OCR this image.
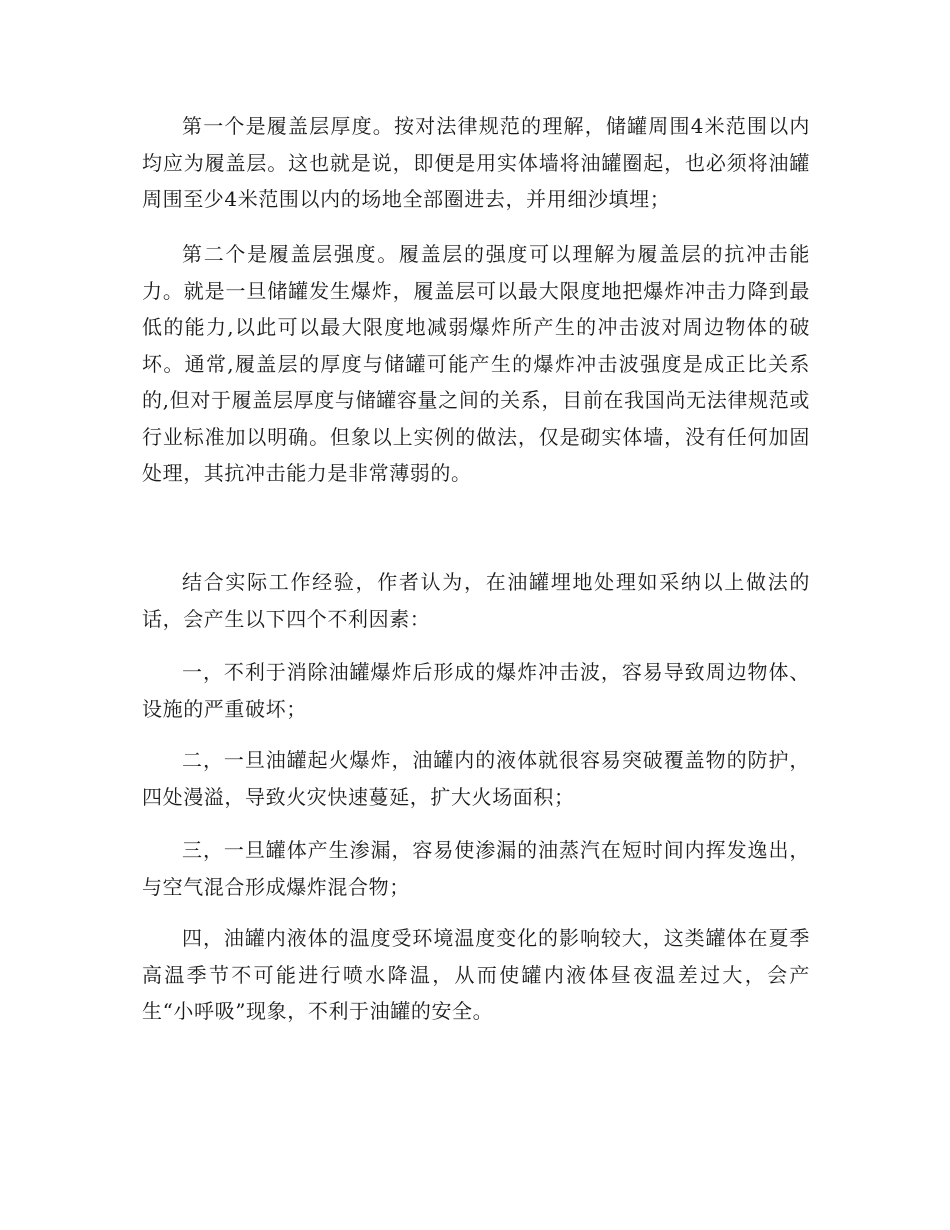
第一个是履盖层厚度。按对法律规范的理解，储罐周围4米范围以内均应为履盖层。这也就是说，即便是用实体墙将油罐圈起，也必须将油罐周围至少4米范围以内的场地全部圈进去，并用细沙填埋；

第二个是履盖层强度。履盖层的强度可以理解为履盖层的抗冲击能力。就是一旦储罐发生爆炸，履盖层可以最大限度地把爆炸冲击力降到最低的能力,以此可以最大限度地减弱爆炸所产生的冲击波对周边物体的破坏。通常,履盖层的厚度与储罐可能产生的爆炸冲击波强度是成正比关系的,但对于履盖层厚度与储罐容量之间的关系，目前在我国尚无法律规范或行业标准加以明确。但象以上实例的做法，仅是砌实体墙，没有任何加固处理，其抗冲击能力是非常薄弱的。

结合实际工作经验，作者认为，在油罐埋地处理如采纳以上做法的话，会产生以下四个不利因素：

一，不利于消除油罐爆炸后形成的爆炸冲击波，容易导致周边物体、设施的严重破坏；

二，一旦油罐起火爆炸，油罐内的液体就很容易突破覆盖物的防护，四处漫溢，导致火灾快速蔓延，扩大火场面积；

三，一旦罐体产生渗漏，容易使渗漏的油蒸汽在短时间内挥发逸出，与空气混合形成爆炸混合物；

四，油罐内液体的温度受环境温度变化的影响较大，这类罐体在夏季高温季节不可能进行喷水降温，从而使罐内液体昼夜温差过大，会产生“小呼吸”现象，不利于油罐的安全。
